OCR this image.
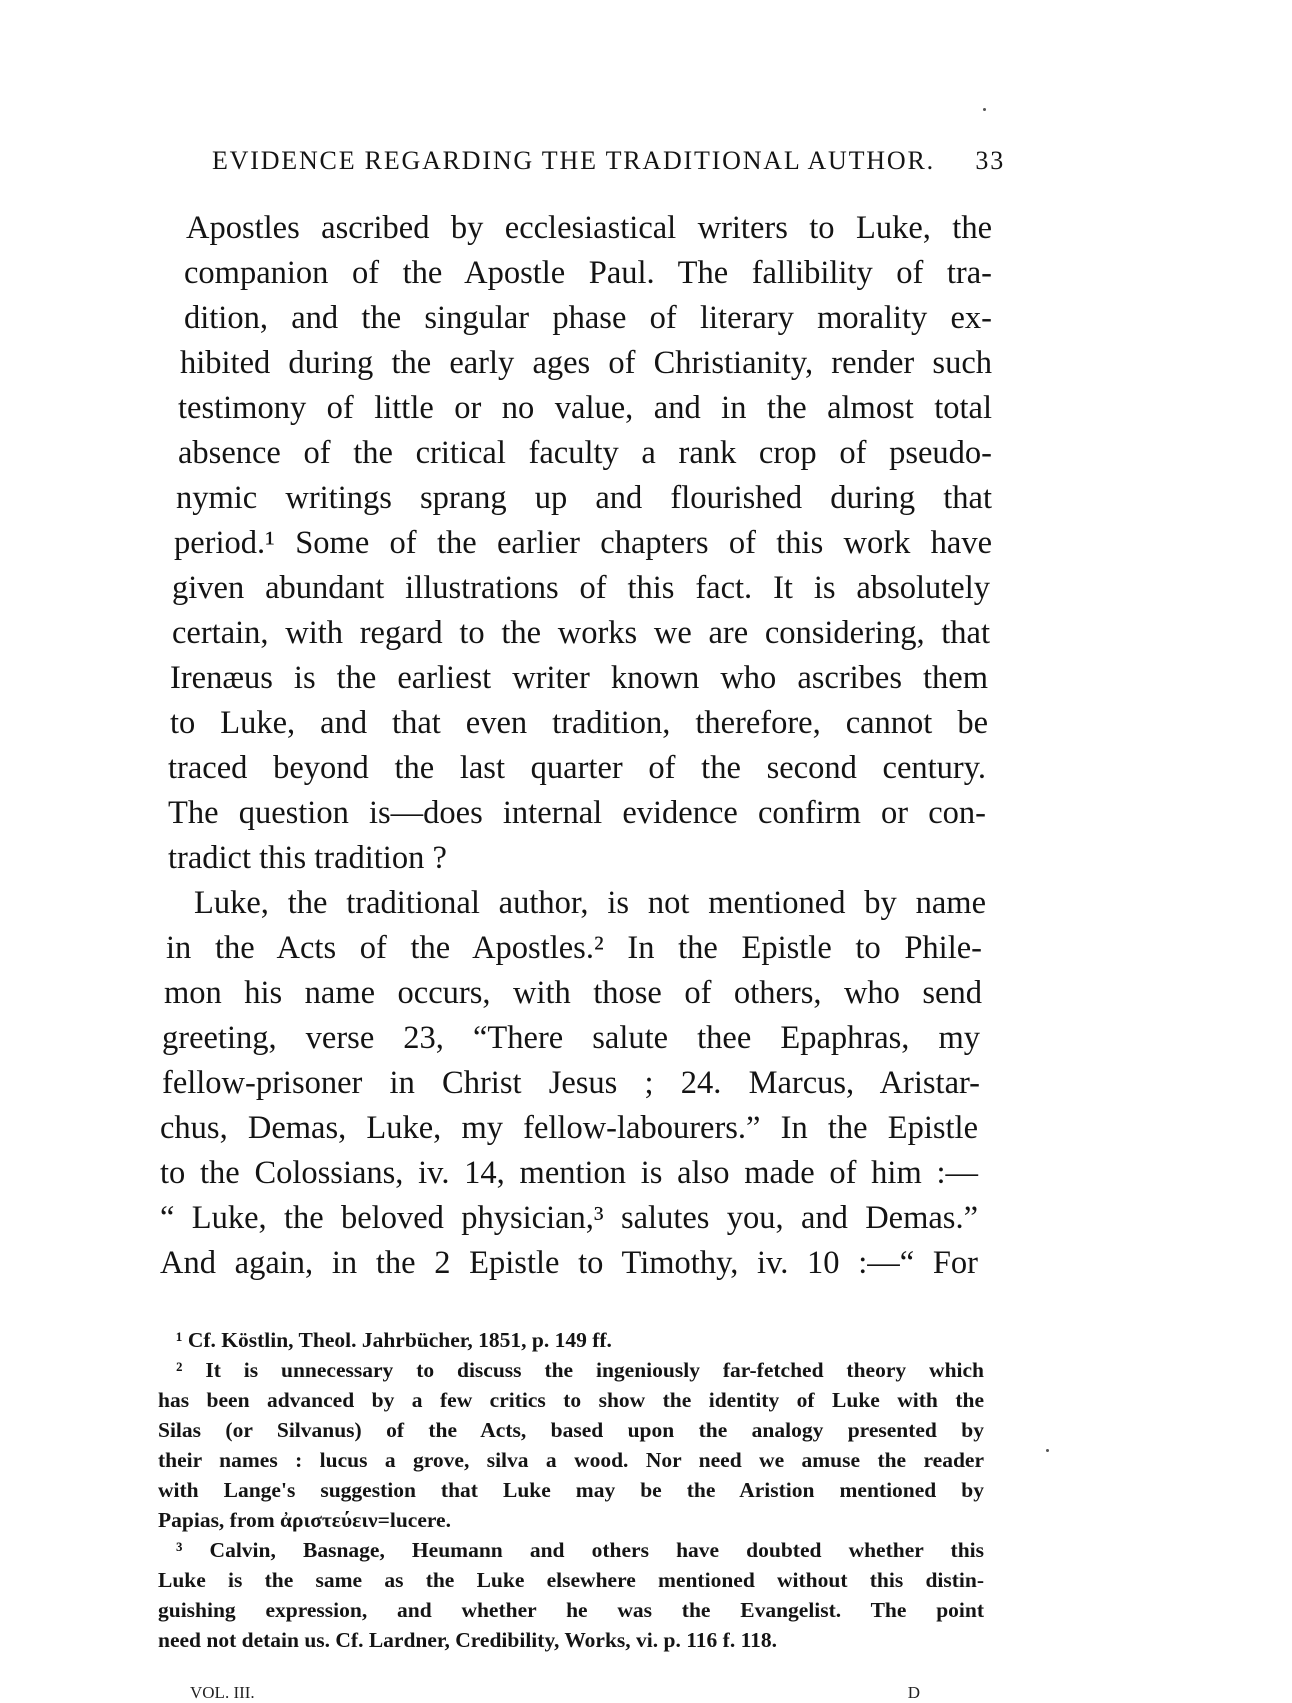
EVIDENCE REGARDING THE TRADITIONAL AUTHOR. 33
Apostles ascribed by ecclesiastical writers to Luke, the
companion of the Apostle Paul. The fallibility of tra-
dition, and the singular phase of literary morality ex-
hibited during the early ages of Christianity, render such
testimony of little or no value, and in the almost total
absence of the critical faculty a rank crop of pseudo-
nymic writings sprang up and flourished during that
period.¹ Some of the earlier chapters of this work have
given abundant illustrations of this fact. It is absolutely
certain, with regard to the works we are considering, that
Irenæus is the earliest writer known who ascribes them
to Luke, and that even tradition, therefore, cannot be
traced beyond the last quarter of the second century.
The question is—does internal evidence confirm or con-
tradict this tradition ?
Luke, the traditional author, is not mentioned by name
in the Acts of the Apostles.² In the Epistle to Phile-
mon his name occurs, with those of others, who send
greeting, verse 23, “There salute thee Epaphras, my
fellow-prisoner in Christ Jesus ; 24. Marcus, Aristar-
chus, Demas, Luke, my fellow-labourers.” In the Epistle
to the Colossians, iv. 14, mention is also made of him :—
“ Luke, the beloved physician,³ salutes you, and Demas.”
And again, in the 2 Epistle to Timothy, iv. 10 :—“ For
¹ Cf. Köstlin, Theol. Jahrbücher, 1851, p. 149 ff.
² It is unnecessary to discuss the ingeniously far-fetched theory which
has been advanced by a few critics to show the identity of Luke with the
Silas (or Silvanus) of the Acts, based upon the analogy presented by
their names : lucus a grove, silva a wood. Nor need we amuse the reader
with Lange's suggestion that Luke may be the Aristion mentioned by
Papias, from ἀριστεύειν=lucere.
³ Calvin, Basnage, Heumann and others have doubted whether this
Luke is the same as the Luke elsewhere mentioned without this distin-
guishing expression, and whether he was the Evangelist. The point
need not detain us. Cf. Lardner, Credibility, Works, vi. p. 116 f. 118.
VOL. III.	D
